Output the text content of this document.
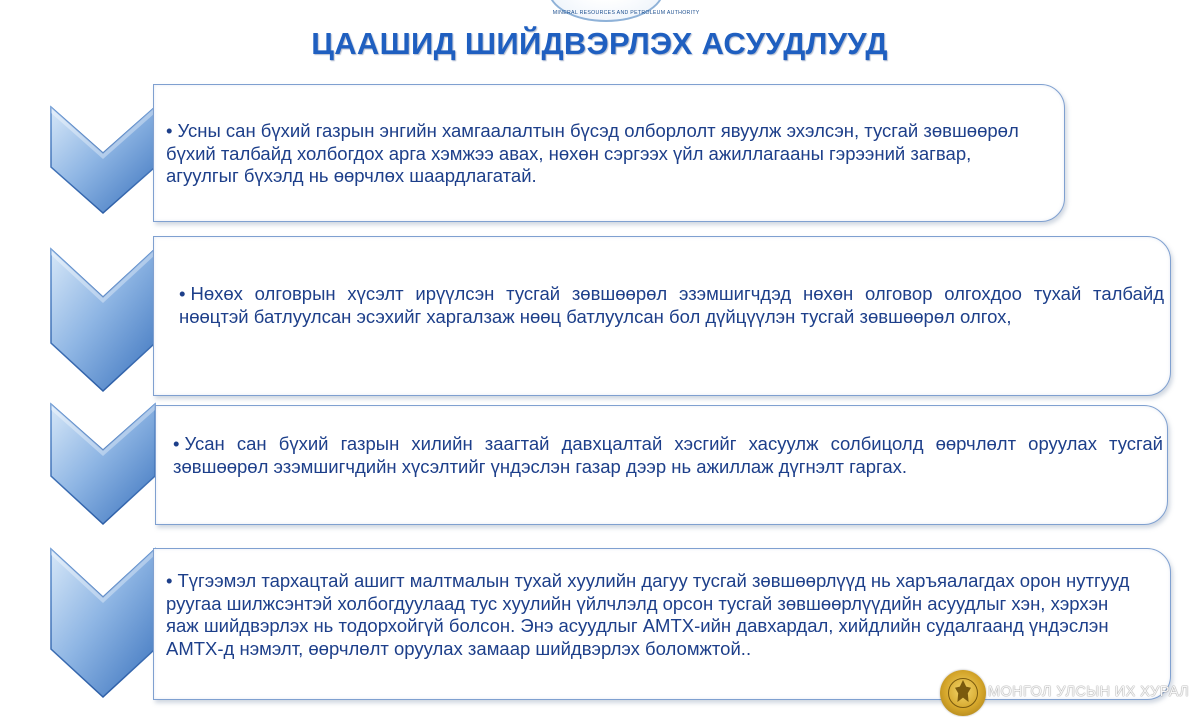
MINERAL RESOURCES AND PETROLEUM AUTHORITY
ЦААШИД ШИЙДВЭРЛЭХ АСУУДЛУУД
• Усны сан бүхий газрын энгийн хамгаалалтын бүсэд олборлолт явуулж эхэлсэн, тусгай зөвшөөрөл бүхий талбайд холбогдох арга хэмжээ авах, нөхөн сэргээх үйл ажиллагааны гэрээний загвар, агуулгыг бүхэлд нь өөрчлөх шаардлагатай.
• Нөхөх олговрын хүсэлт ирүүлсэн тусгай зөвшөөрөл эзэмшигчдэд нөхөн олговор олгохдоо тухай талбайд нөөцтэй батлуулсан эсэхийг харгалзаж нөөц батлуулсан бол дүйцүүлэн тусгай зөвшөөрөл олгох,
• Усан сан бүхий газрын хилийн заагтай давхцалтай хэсгийг хасуулж солбицолд өөрчлөлт оруулах тусгай зөвшөөрөл эзэмшигчдийн хүсэлтийг үндэслэн газар дээр нь ажиллаж дүгнэлт гаргах.
• Түгээмэл тархацтай ашигт малтмалын тухай хуулийн дагуу тусгай зөвшөөрлүүд нь харъяалагдах орон нутгууд руугаа шилжсэнтэй холбогдуулаад тус хуулийн үйлчлэлд орсон тусгай зөвшөөрлүүдийн асуудлыг хэн, хэрхэн яаж шийдвэрлэх нь тодорхойгүй болсон. Энэ асуудлыг АМТХ-ийн давхардал, хийдлийн судалгаанд үндэслэн АМТХ-д нэмэлт, өөрчлөлт оруулах замаар шийдвэрлэх боломжтой..
МОНГОЛ УЛСЫН ИХ ХУРАЛ
